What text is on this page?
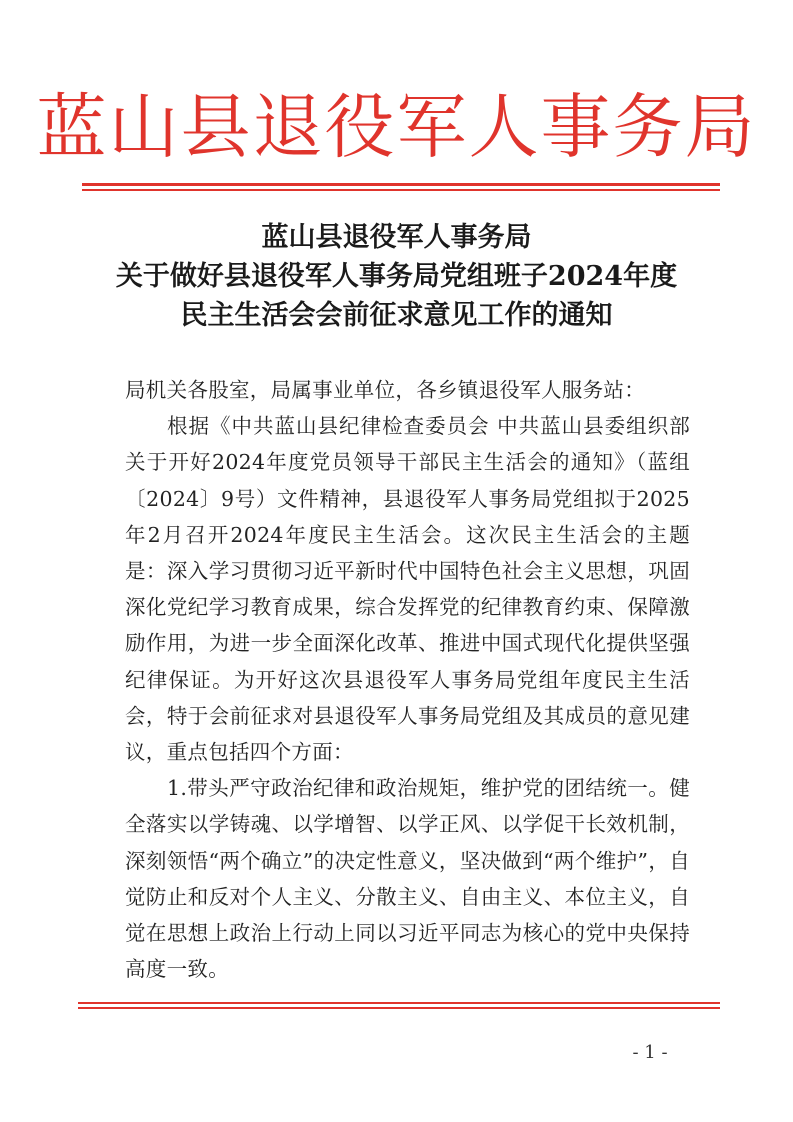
蓝山县退役军人事务局
蓝山县退役军人事务局
关于做好县退役军人事务局党组班子2024年度
民主生活会会前征求意见工作的通知

局机关各股室，局属事业单位，各乡镇退役军人服务站：

根据《中共蓝山县纪律检查委员会 中共蓝山县委组织部关于开好2024年度党员领导干部民主生活会的通知》（蓝组〔2024〕9号）文件精神，县退役军人事务局党组拟于2025年2月召开2024年度民主生活会。这次民主生活会的主题是：深入学习贯彻习近平新时代中国特色社会主义思想，巩固深化党纪学习教育成果，综合发挥党的纪律教育约束、保障激励作用，为进一步全面深化改革、推进中国式现代化提供坚强纪律保证。为开好这次县退役军人事务局党组年度民主生活会，特于会前征求对县退役军人事务局党组及其成员的意见建议，重点包括四个方面：

1.带头严守政治纪律和政治规矩，维护党的团结统一。健全落实以学铸魂、以学增智、以学正风、以学促干长效机制，深刻领悟“两个确立”的决定性意义，坚决做到“两个维护”，自觉防止和反对个人主义、分散主义、自由主义、本位主义，自觉在思想上政治上行动上同以习近平同志为核心的党中央保持高度一致。

- 1 -
